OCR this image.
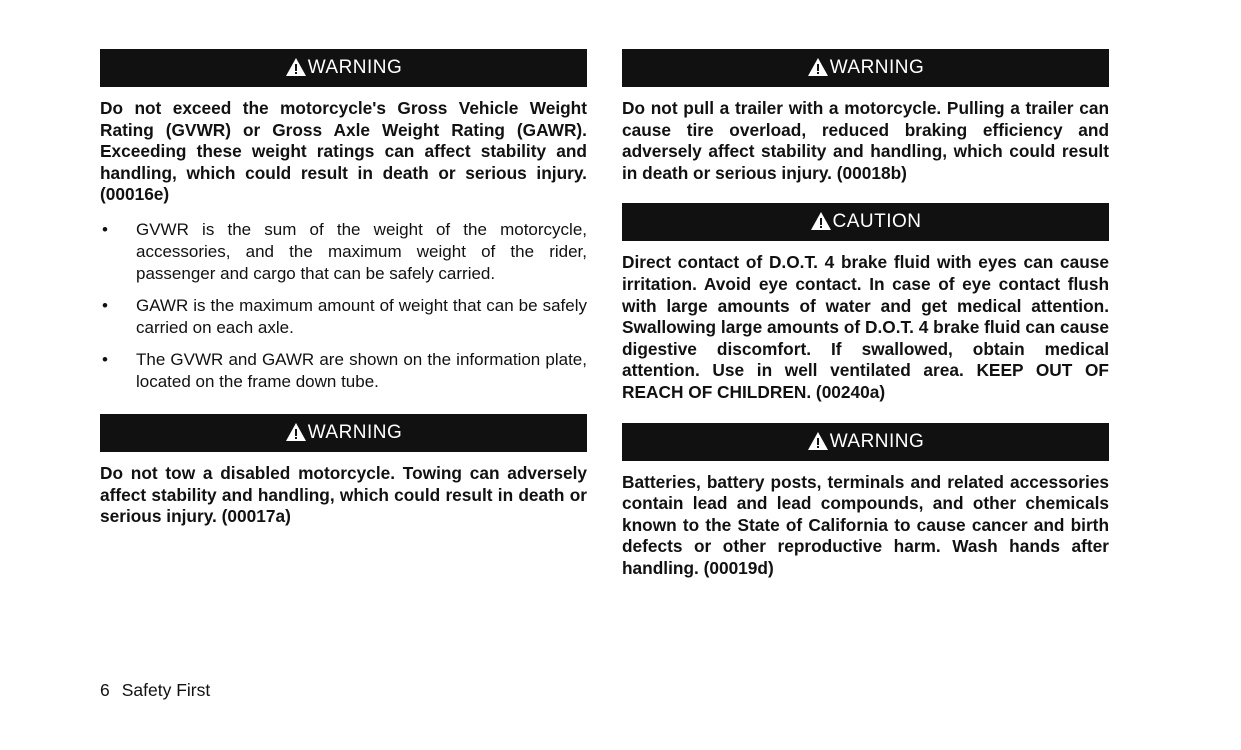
WARNING

Do not exceed the motorcycle's Gross Vehicle Weight Rating (GVWR) or Gross Axle Weight Rating (GAWR). Exceeding these weight ratings can affect stability and handling, which could result in death or serious injury. (00016e)

• GVWR is the sum of the weight of the motorcycle, accessories, and the maximum weight of the rider, passenger and cargo that can be safely carried.
• GAWR is the maximum amount of weight that can be safely carried on each axle.
• The GVWR and GAWR are shown on the information plate, located on the frame down tube.
WARNING

Do not tow a disabled motorcycle. Towing can adversely affect stability and handling, which could result in death or serious injury. (00017a)

WARNING

Do not pull a trailer with a motorcycle. Pulling a trailer can cause tire overload, reduced braking efficiency and adversely affect stability and handling, which could result in death or serious injury. (00018b)

CAUTION

Direct contact of D.O.T. 4 brake fluid with eyes can cause irritation. Avoid eye contact. In case of eye contact flush with large amounts of water and get medical attention. Swallowing large amounts of D.O.T. 4 brake fluid can cause digestive discomfort. If swallowed, obtain medical attention. Use in well ventilated area. KEEP OUT OF REACH OF CHILDREN. (00240a)

WARNING

Batteries, battery posts, terminals and related accessories contain lead and lead compounds, and other chemicals known to the State of California to cause cancer and birth defects or other reproductive harm. Wash hands after handling. (00019d)

6 Safety First
